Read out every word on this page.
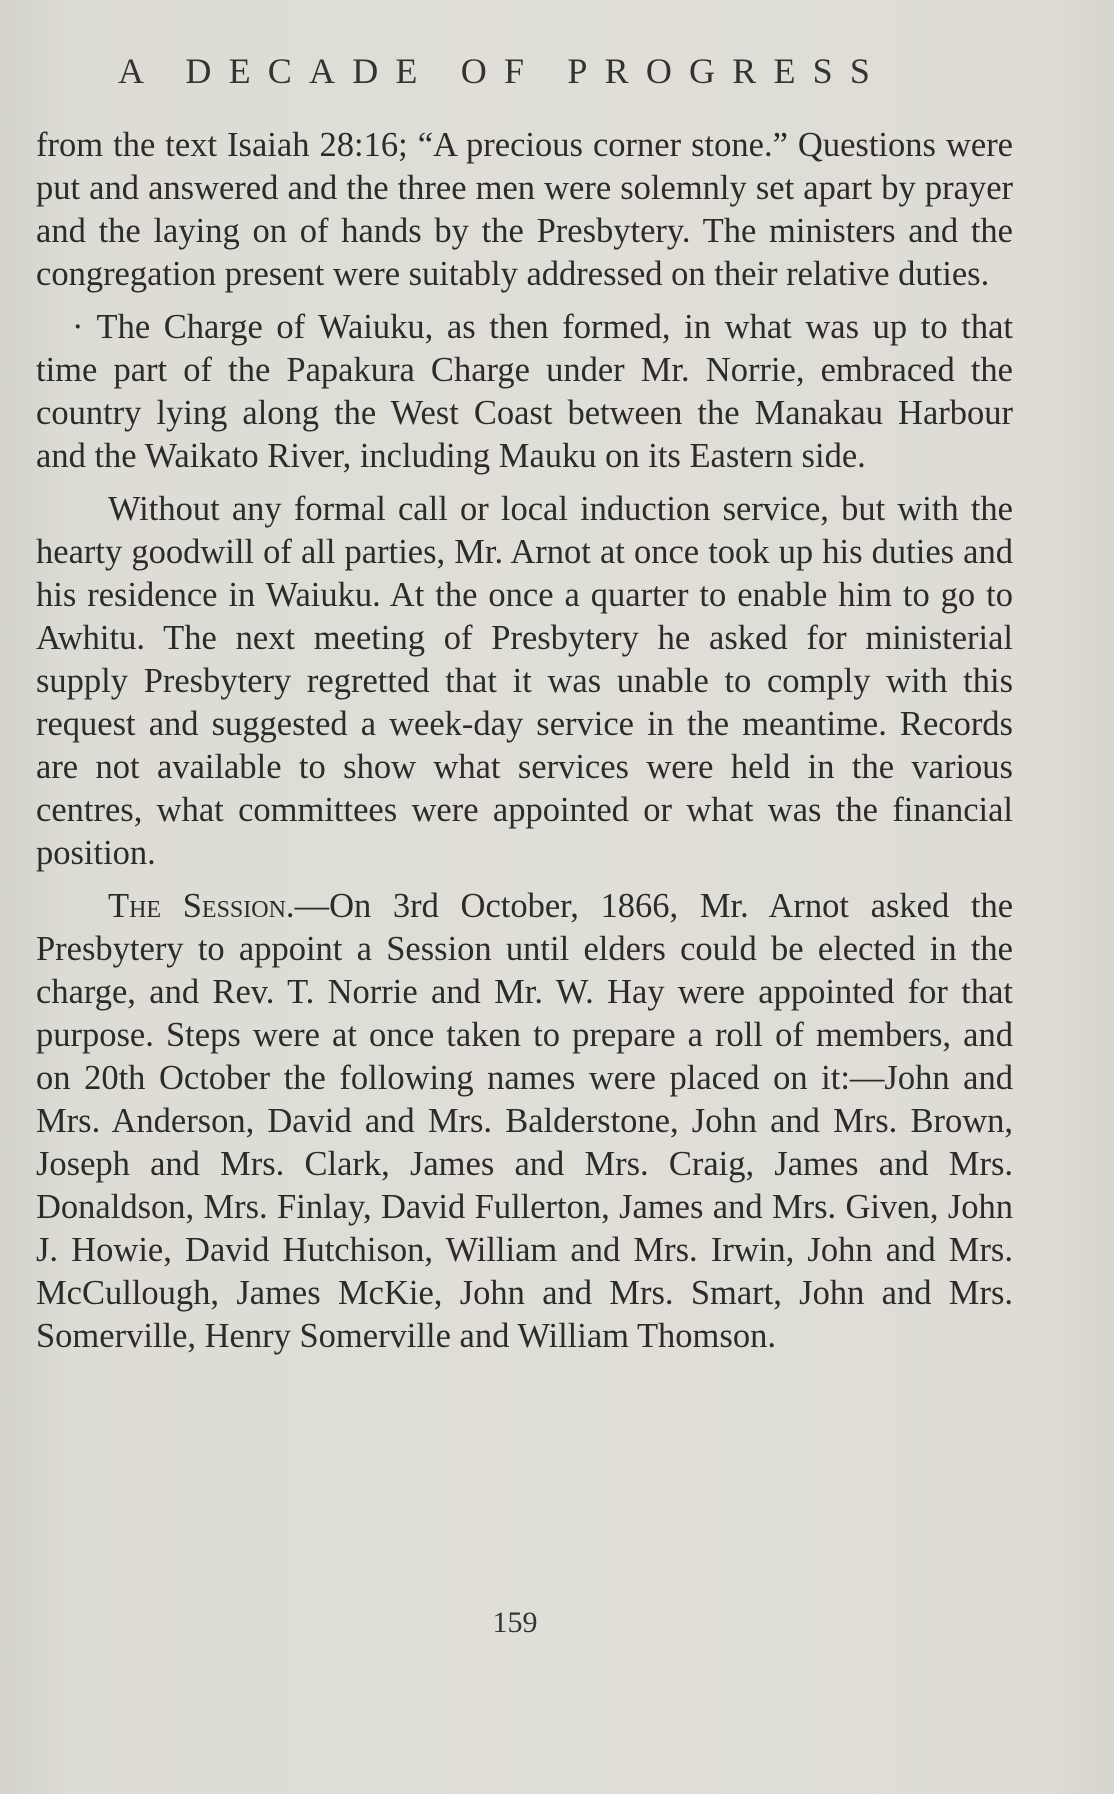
A DECADE OF PROGRESS

from the text Isaiah 28:16; “A precious corner stone.” Questions were put and answered and the three men were solemnly set apart by prayer and the laying on of hands by the Presbytery. The ministers and the congregation present were suitably addressed on their relative duties.

· The Charge of Waiuku, as then formed, in what was up to that time part of the Papakura Charge under Mr. Norrie, embraced the country lying along the West Coast between the Manakau Harbour and the Waikato River, including Mauku on its Eastern side.

Without any formal call or local induction service, but with the hearty goodwill of all parties, Mr. Arnot at once took up his duties and his residence in Waiuku. At the once a quarter to enable him to go to Awhitu. The next meeting of Presbytery he asked for ministerial supply Presbytery regretted that it was unable to comply with this request and suggested a week-day service in the meantime. Records are not available to show what services were held in the various centres, what committees were appointed or what was the financial position.

The Session.—On 3rd October, 1866, Mr. Arnot asked the Presbytery to appoint a Session until elders could be elected in the charge, and Rev. T. Norrie and Mr. W. Hay were appointed for that purpose. Steps were at once taken to prepare a roll of members, and on 20th October the following names were placed on it:—John and Mrs. Anderson, David and Mrs. Balderstone, John and Mrs. Brown, Joseph and Mrs. Clark, James and Mrs. Craig, James and Mrs. Donaldson, Mrs. Finlay, David Fullerton, James and Mrs. Given, John J. Howie, David Hutchison, William and Mrs. Irwin, John and Mrs. McCullough, James McKie, John and Mrs. Smart, John and Mrs. Somerville, Henry Somerville and William Thomson.

159
